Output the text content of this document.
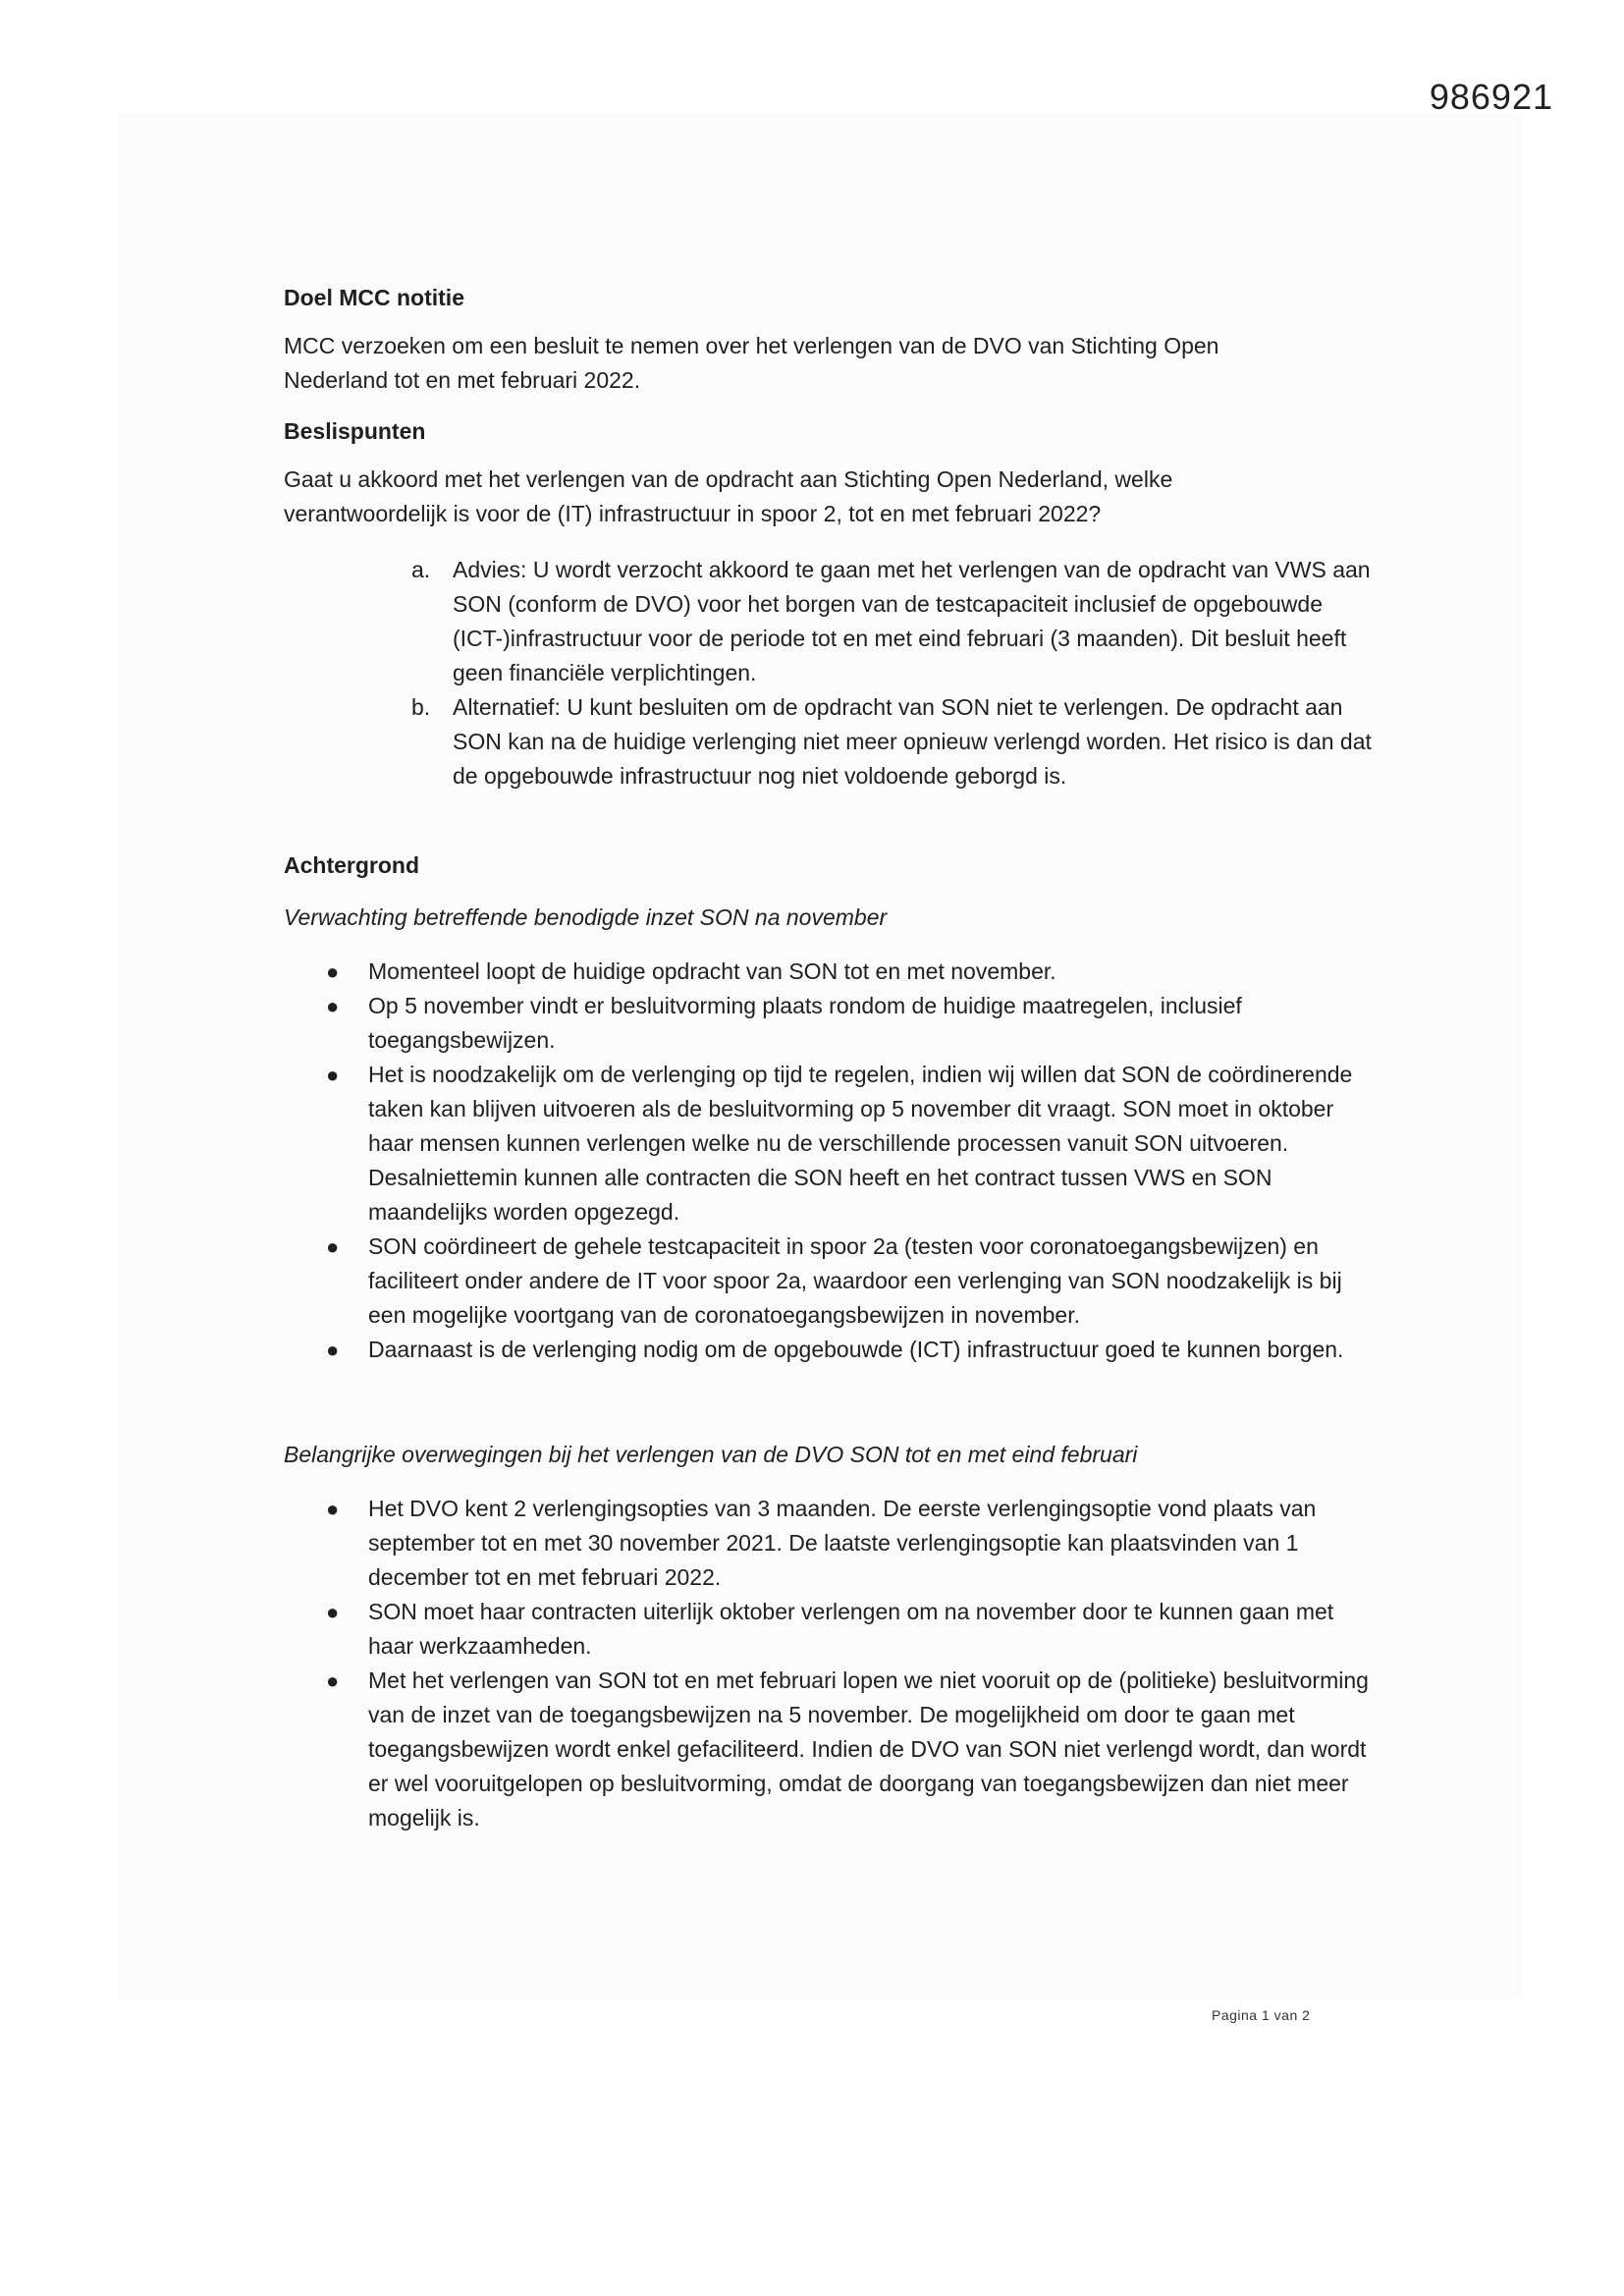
986921
Doel MCC notitie

MCC verzoeken om een besluit te nemen over het verlengen van de DVO van Stichting Open Nederland tot en met februari 2022.

Beslispunten

Gaat u akkoord met het verlengen van de opdracht aan Stichting Open Nederland, welke verantwoordelijk is voor de (IT) infrastructuur in spoor 2, tot en met februari 2022?

a. Advies: U wordt verzocht akkoord te gaan met het verlengen van de opdracht van VWS aan SON (conform de DVO) voor het borgen van de testcapaciteit inclusief de opgebouwde (ICT-)infrastructuur voor de periode tot en met eind februari (3 maanden). Dit besluit heeft geen financiële verplichtingen.
b. Alternatief: U kunt besluiten om de opdracht van SON niet te verlengen. De opdracht aan SON kan na de huidige verlenging niet meer opnieuw verlengd worden. Het risico is dan dat de opgebouwde infrastructuur nog niet voldoende geborgd is.
Achtergrond

Verwachting betreffende benodigde inzet SON na november

● Momenteel loopt de huidige opdracht van SON tot en met november.
● Op 5 november vindt er besluitvorming plaats rondom de huidige maatregelen, inclusief toegangsbewijzen.
● Het is noodzakelijk om de verlenging op tijd te regelen, indien wij willen dat SON de coördinerende taken kan blijven uitvoeren als de besluitvorming op 5 november dit vraagt. SON moet in oktober haar mensen kunnen verlengen welke nu de verschillende processen vanuit SON uitvoeren. Desalniettemin kunnen alle contracten die SON heeft en het contract tussen VWS en SON maandelijks worden opgezegd.
● SON coördineert de gehele testcapaciteit in spoor 2a (testen voor coronatoegangsbewijzen) en faciliteert onder andere de IT voor spoor 2a, waardoor een verlenging van SON noodzakelijk is bij een mogelijke voortgang van de coronatoegangsbewijzen in november.
● Daarnaast is de verlenging nodig om de opgebouwde (ICT) infrastructuur goed te kunnen borgen.

Belangrijke overwegingen bij het verlengen van de DVO SON tot en met eind februari

● Het DVO kent 2 verlengingsopties van 3 maanden. De eerste verlengingsoptie vond plaats van september tot en met 30 november 2021. De laatste verlengingsoptie kan plaatsvinden van 1 december tot en met februari 2022.
● SON moet haar contracten uiterlijk oktober verlengen om na november door te kunnen gaan met haar werkzaamheden.
● Met het verlengen van SON tot en met februari lopen we niet vooruit op de (politieke) besluitvorming van de inzet van de toegangsbewijzen na 5 november. De mogelijkheid om door te gaan met toegangsbewijzen wordt enkel gefaciliteerd. Indien de DVO van SON niet verlengd wordt, dan wordt er wel vooruitgelopen op besluitvorming, omdat de doorgang van toegangsbewijzen dan niet meer mogelijk is.
Pagina 1 van 2
